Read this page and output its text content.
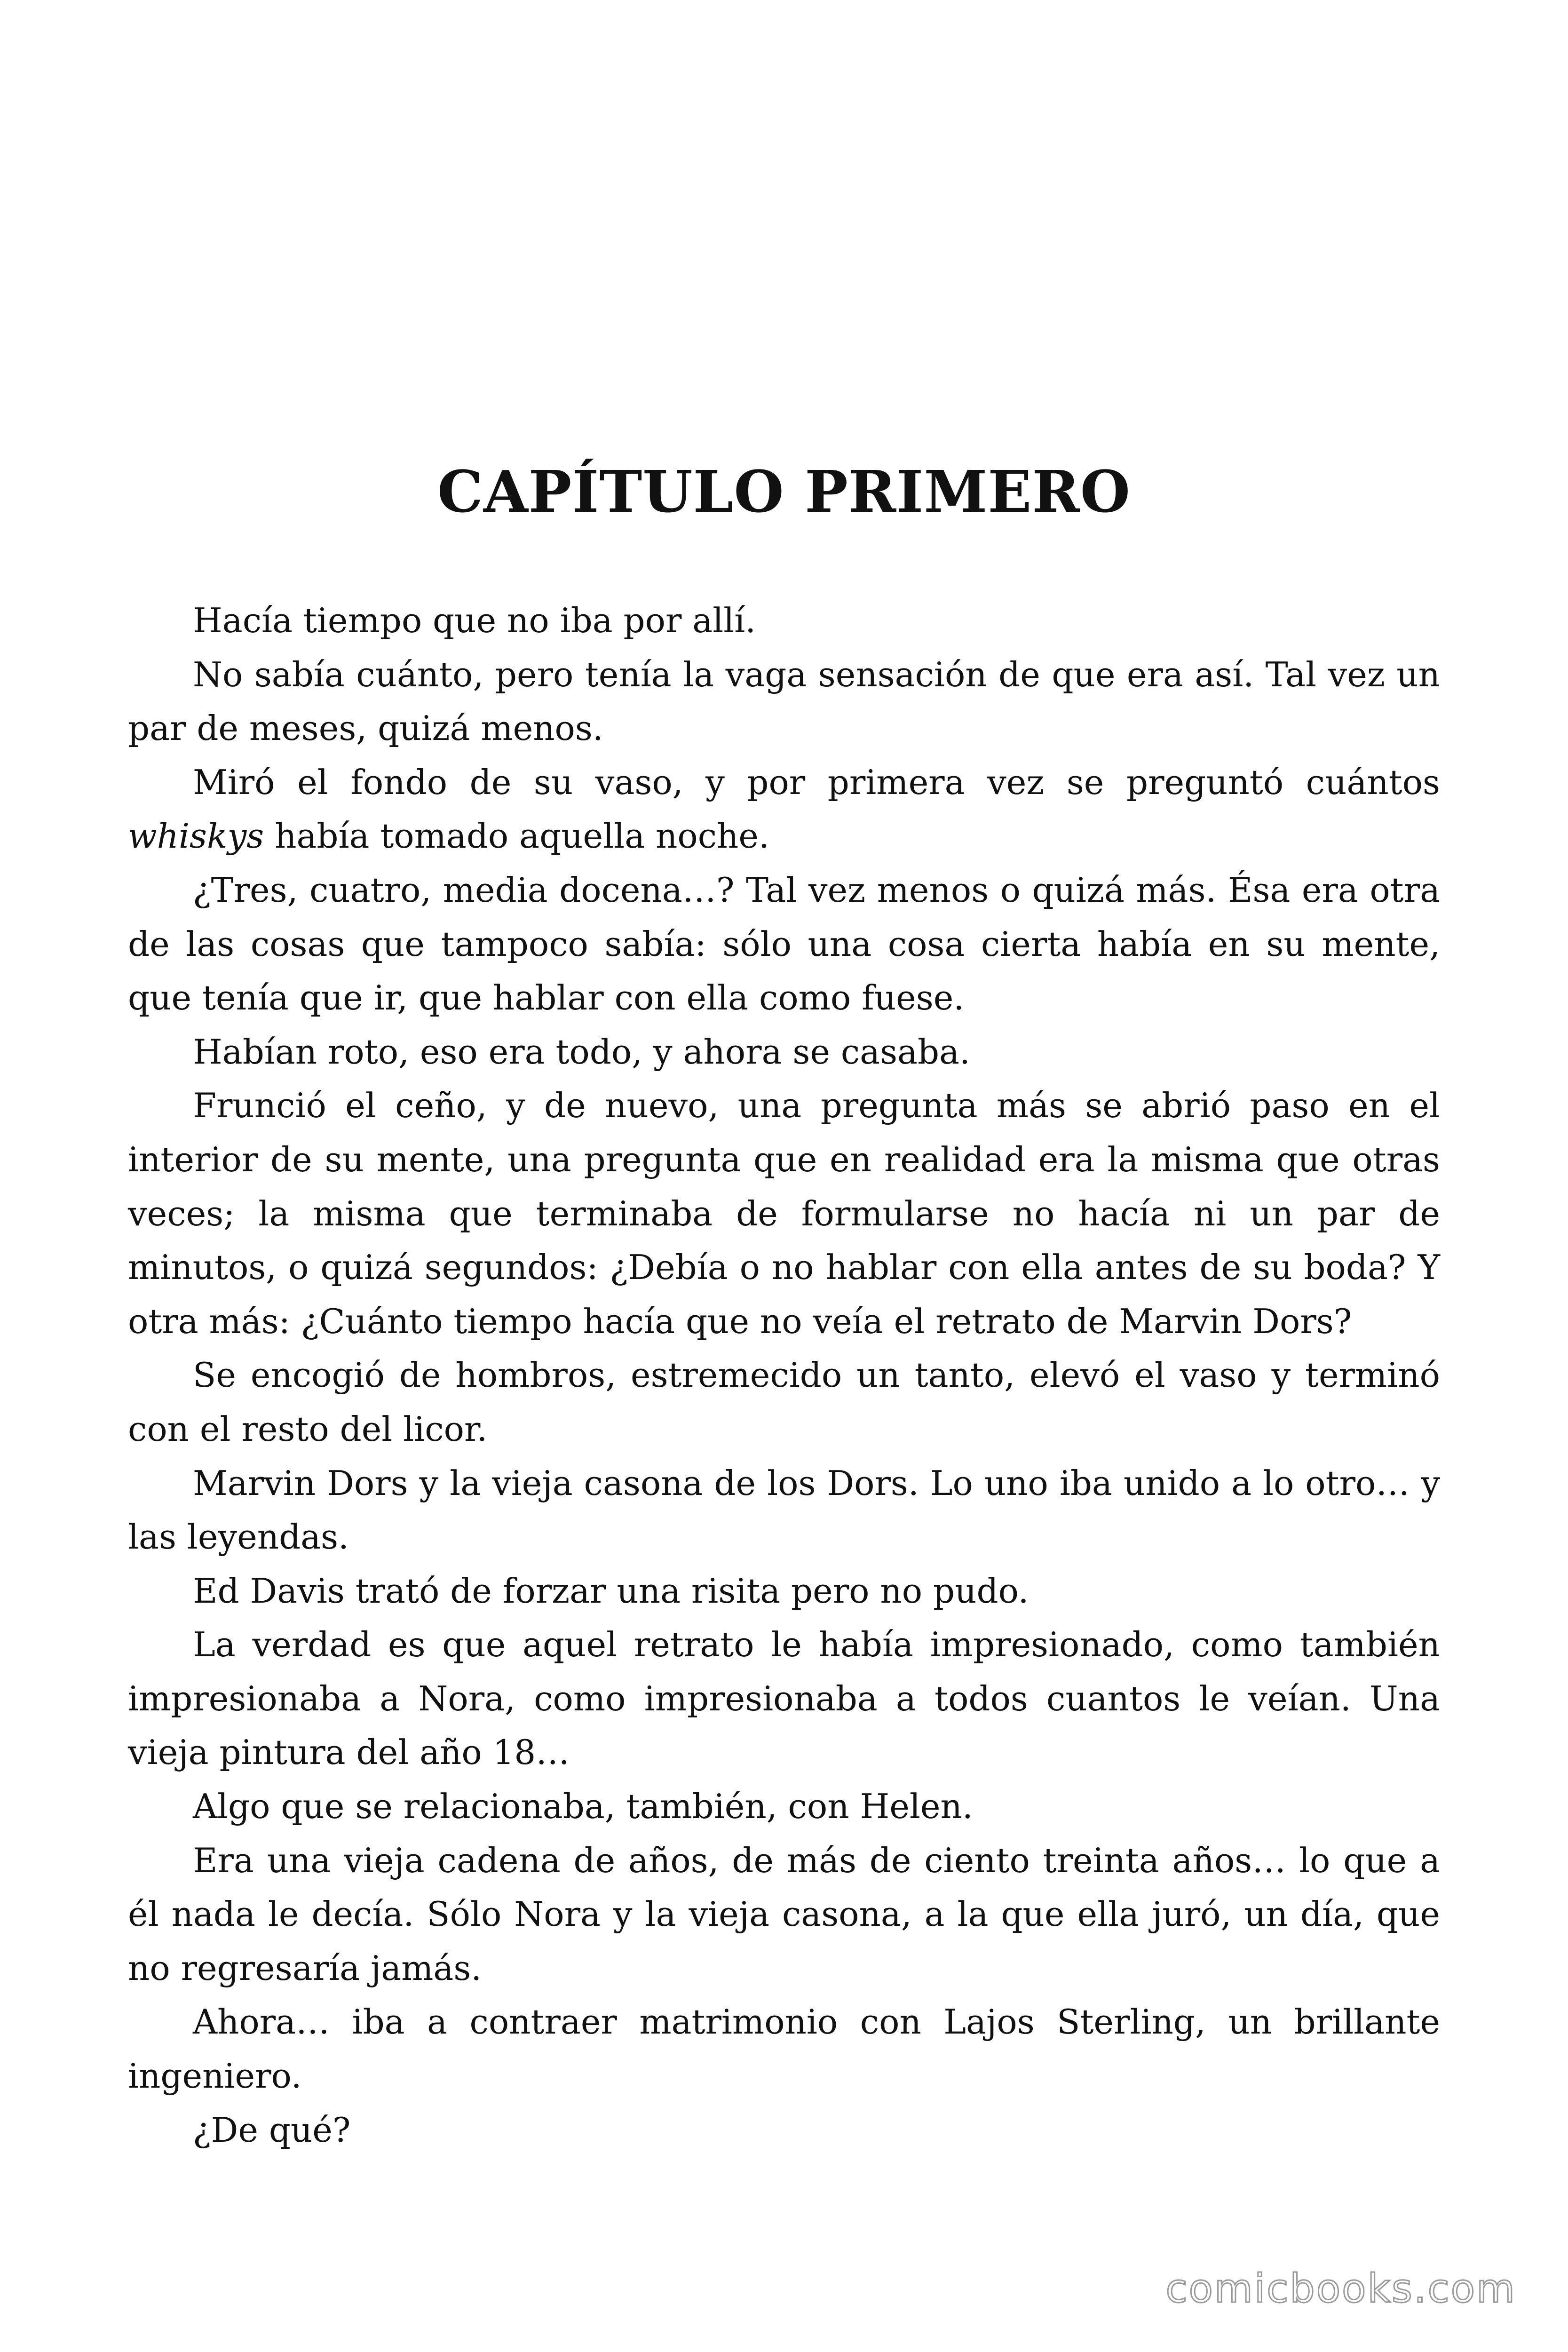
CAPÍTULO PRIMERO

Hacía tiempo que no iba por allí.

No sabía cuánto, pero tenía la vaga sensación de que era así. Tal vez un par de meses, quizá menos.

Miró el fondo de su vaso, y por primera vez se preguntó cuántos whiskys había tomado aquella noche.

¿Tres, cuatro, media docena…? Tal vez menos o quizá más. Ésa era otra de las cosas que tampoco sabía: sólo una cosa cierta había en su mente, que tenía que ir, que hablar con ella como fuese.

Habían roto, eso era todo, y ahora se casaba.

Frunció el ceño, y de nuevo, una pregunta más se abrió paso en el interior de su mente, una pregunta que en realidad era la misma que otras veces; la misma que terminaba de formularse no hacía ni un par de minutos, o quizá segundos: ¿Debía o no hablar con ella antes de su boda? Y otra más: ¿Cuánto tiempo hacía que no veía el retrato de Marvin Dors?

Se encogió de hombros, estremecido un tanto, elevó el vaso y terminó con el resto del licor.

Marvin Dors y la vieja casona de los Dors. Lo uno iba unido a lo otro… y las leyendas.

Ed Davis trató de forzar una risita pero no pudo.

La verdad es que aquel retrato le había impresionado, como también impresionaba a Nora, como impresionaba a todos cuantos le veían. Una vieja pintura del año 18…

Algo que se relacionaba, también, con Helen.

Era una vieja cadena de años, de más de ciento treinta años… lo que a él nada le decía. Sólo Nora y la vieja casona, a la que ella juró, un día, que no regresaría jamás.

Ahora… iba a contraer matrimonio con Lajos Sterling, un brillante ingeniero.

¿De qué?

comicbooks.com
